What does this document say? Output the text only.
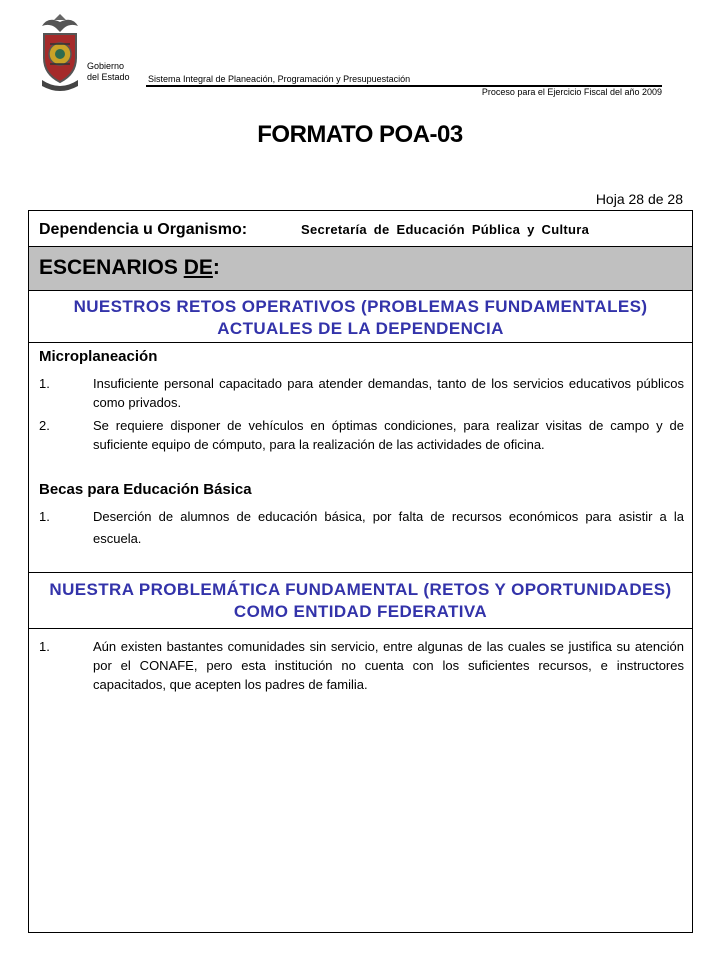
Gobierno
del Estado Sistema Integral de Planeación, Programación y Presupuestación
Proceso para el Ejercicio Fiscal del año 2009
FORMATO POA-03
Hoja 28 de 28
Dependencia u Organismo:	Secretaría de Educación Pública y Cultura
ESCENARIOS DE:
NUESTROS RETOS OPERATIVOS (PROBLEMAS FUNDAMENTALES) ACTUALES DE LA DEPENDENCIA
Microplaneación
1.	Insuficiente personal capacitado para atender demandas, tanto de los servicios educativos públicos como privados.
2.	Se requiere disponer de vehículos en óptimas condiciones, para realizar visitas de campo y de suficiente equipo de cómputo, para la realización de las actividades de oficina.
Becas para Educación Básica
1.	Deserción de alumnos de educación básica, por falta de recursos económicos para asistir a la escuela.
NUESTRA PROBLEMÁTICA FUNDAMENTAL (RETOS Y OPORTUNIDADES) COMO ENTIDAD FEDERATIVA
1.	Aún existen bastantes comunidades sin servicio, entre algunas de las cuales se justifica su atención por el CONAFE, pero esta institución no cuenta con los suficientes recursos, e instructores capacitados, que acepten los padres de familia.
